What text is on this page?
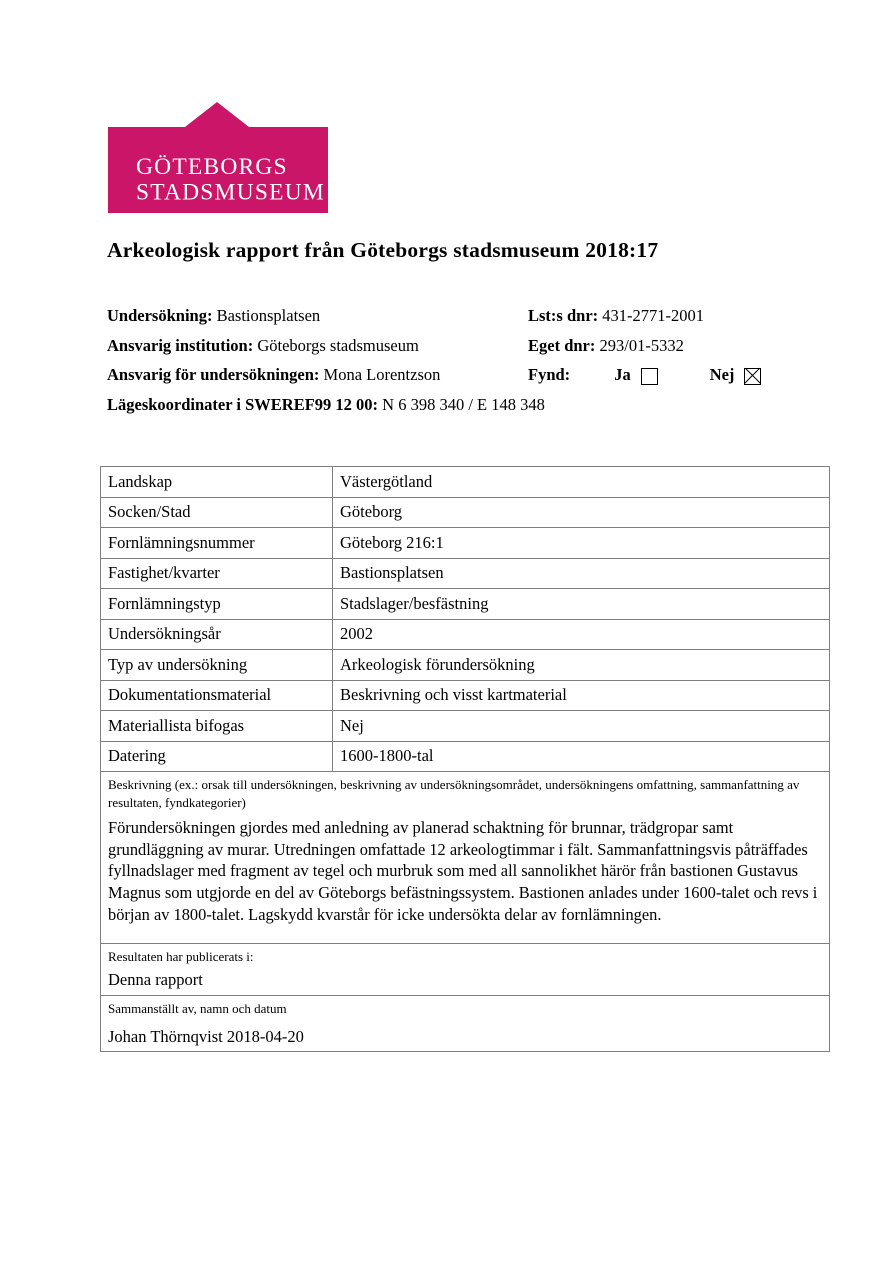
GÖTEBORGS
STADSMUSEUM
Arkeologisk rapport från Göteborgs stadsmuseum 2018:17
Undersökning: Bastionsplatsen	Lst:s dnr: 431-2771-2001
Ansvarig institution: Göteborgs stadsmuseum	Eget dnr: 293/01-5332
Ansvarig för undersökningen: Mona Lorentzson	Fynd:	Ja	Nej
Lägeskoordinater i SWEREF99 12 00: N 6 398 340 / E 148 348
Landskap	Västergötland
Socken/Stad	Göteborg
Fornlämningsnummer	Göteborg 216:1
Fastighet/kvarter	Bastionsplatsen
Fornlämningstyp	Stadslager/besfästning
Undersökningsår	2002
Typ av undersökning	Arkeologisk förundersökning
Dokumentationsmaterial	Beskrivning och visst kartmaterial
Materiallista bifogas	Nej
Datering	1600-1800-tal

Beskrivning (ex.: orsak till undersökningen, beskrivning av undersökningsområdet, undersökningens omfattning, sammanfattning av resultaten, fyndkategorier)
Förundersökningen gjordes med anledning av planerad schaktning för brunnar, trädgropar samt grundläggning av murar. Utredningen omfattade 12 arkeologtimmar i fält. Sammanfattningsvis påträffades fyllnadslager med fragment av tegel och murbruk som med all sannolikhet härör från bastionen Gustavus Magnus som utgjorde en del av Göteborgs befästningssystem. Bastionen anlades under 1600-talet och revs i början av 1800-talet. Lagskydd kvarstår för icke undersökta delar av fornlämningen.	

Resultaten har publicerats i:
Denna rapport	

Sammanställt av, namn och datum
Johan Thörnqvist 2018-04-20	
